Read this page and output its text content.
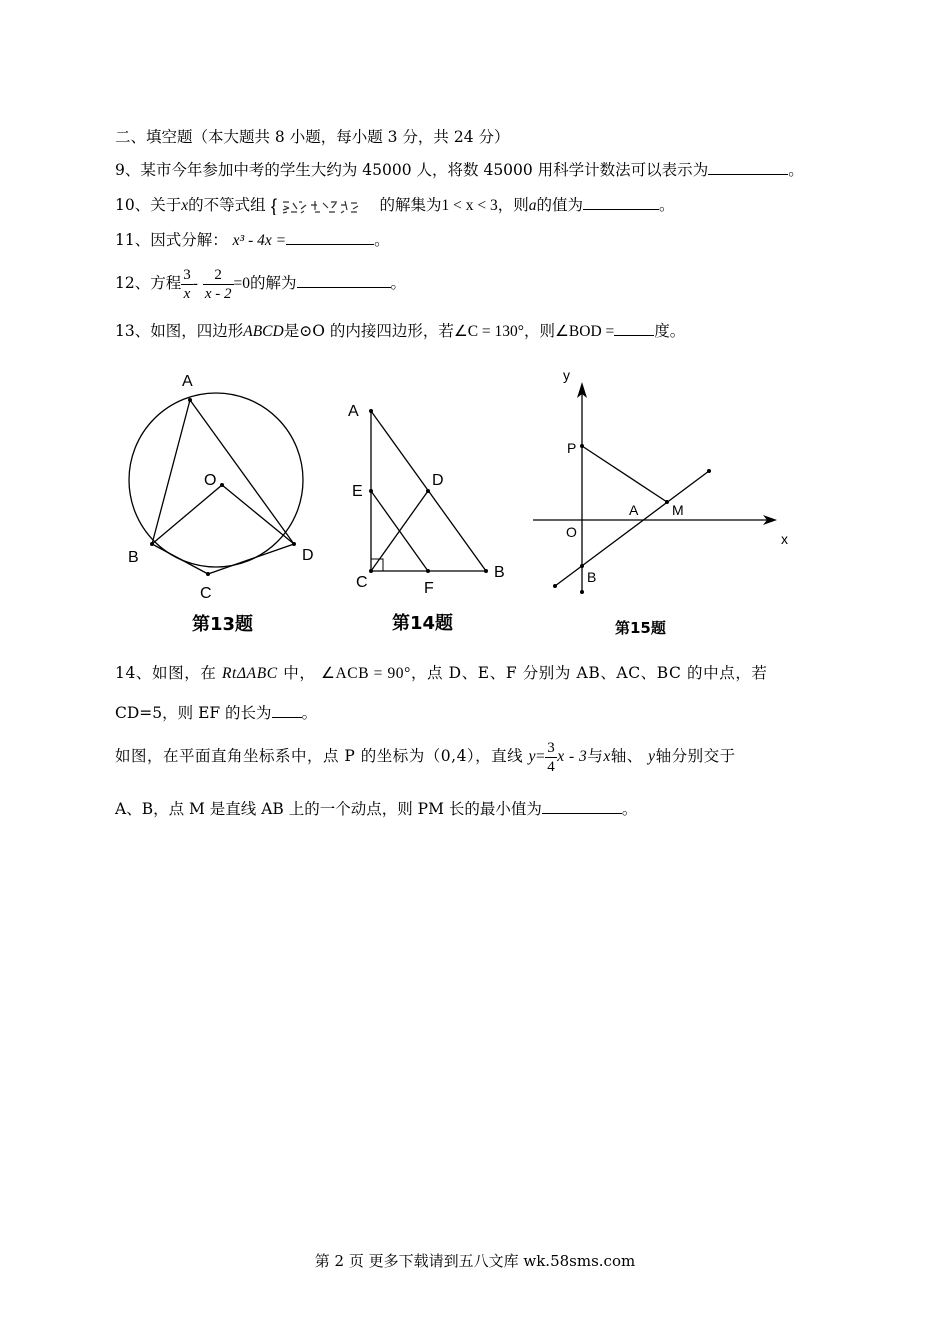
二、填空题（本大题共 8 小题，每小题 3 分，共 24 分）
9、某市今年参加中考的学生大约为 45000 人，将数 45000 用科学计数法可以表示为	。
10、关于x的不等式组 {	的解集为1 < x < 3，则a的值为	。
11、因式分解： x³ - 4x =	。
12、方程 $\frac{3}{x} - \frac{2}{x - 2} =0$的解为	。
13、如图，四边形ABCD是⊙O 的内接四边形，若∠C = 130°，则∠BOD =	度。
A
O
B
C
D
第13题
A
E
D
C	F
B
第14题
y
P
A M
O	x
B
第15题
14、如图，在 RtΔABC 中， ∠ACB = 90°，点 D、E、F 分别为 AB、AC、BC 的中点，若
CD=5，则 EF 的长为 。
如图，在平面直角坐标系中，点 P 的坐标为（0,4），直线 $y= \frac{3}{4}$ x - 3与x轴、 y轴分别交于
A、B，点 M 是直线 AB 上的一个动点，则 PM 长的最小值为	。
第 2 页 更多下载请到五八文库 wk.58sms.com
